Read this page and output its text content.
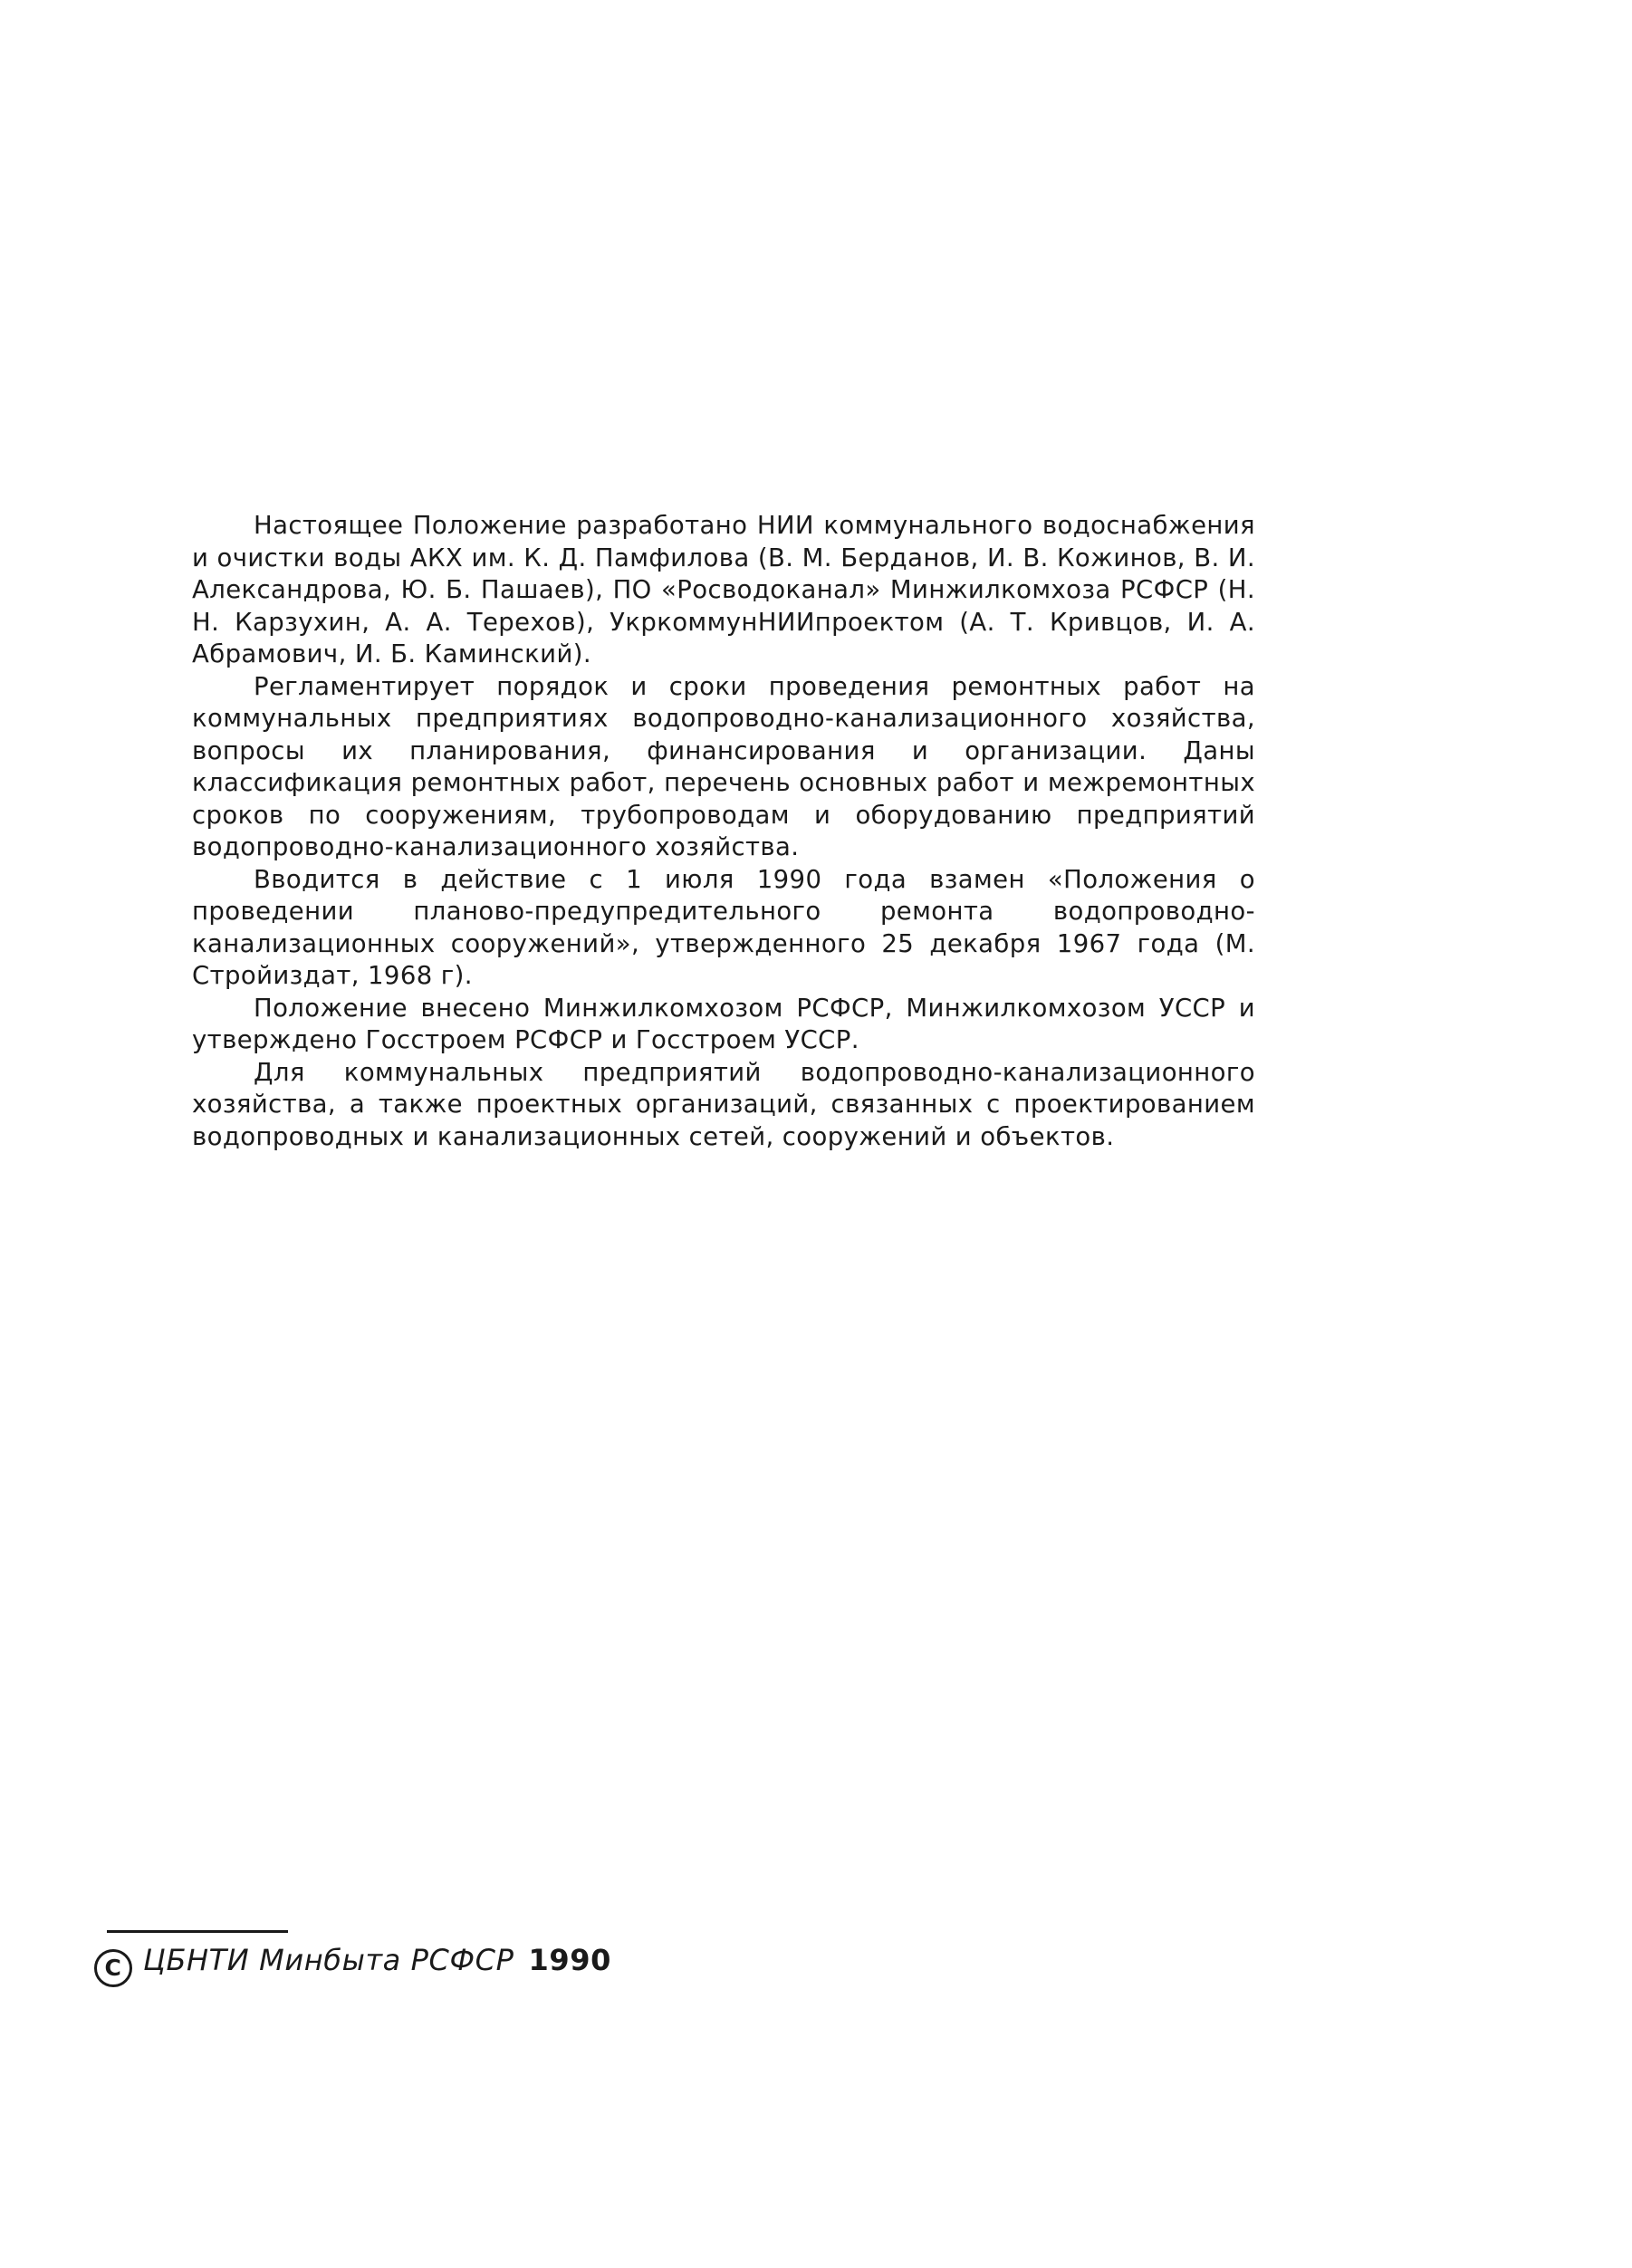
Настоящее Положение разработано НИИ коммунального водоснабжения и очистки воды АКХ им. К. Д. Памфилова (В. М. Берданов, И. В. Кожинов, В. И. Александрова, Ю. Б. Пашаев), ПО «Росводоканал» Минжилкомхоза РСФСР (Н. Н. Карзухин, А. А. Терехов), УкркоммунНИИпроектом (А. Т. Кривцов, И. А. Абрамович, И. Б. Каминский).

Регламентирует порядок и сроки проведения ремонтных работ на коммунальных предприятиях водопроводно-канализационного хозяйства, вопросы их планирования, финансирования и организации. Даны классификация ремонтных работ, перечень основных работ и межремонтных сроков по сооружениям, трубопроводам и оборудованию предприятий водопроводно-канализационного хозяйства.

Вводится в действие с 1 июля 1990 года взамен «Положения о проведении планово-предупредительного ремонта водопроводно-канализационных сооружений», утвержденного 25 декабря 1967 года (М. Стройиздат, 1968 г).

Положение внесено Минжилкомхозом РСФСР, Минжилкомхозом УССР и утверждено Госстроем РСФСР и Госстроем УССР.

Для коммунальных предприятий водопроводно-канализационного хозяйства, а также проектных организаций, связанных с проектированием водопроводных и канализационных сетей, сооружений и объектов.

С ЦБНТИ Минбыта РСФСР 1990
